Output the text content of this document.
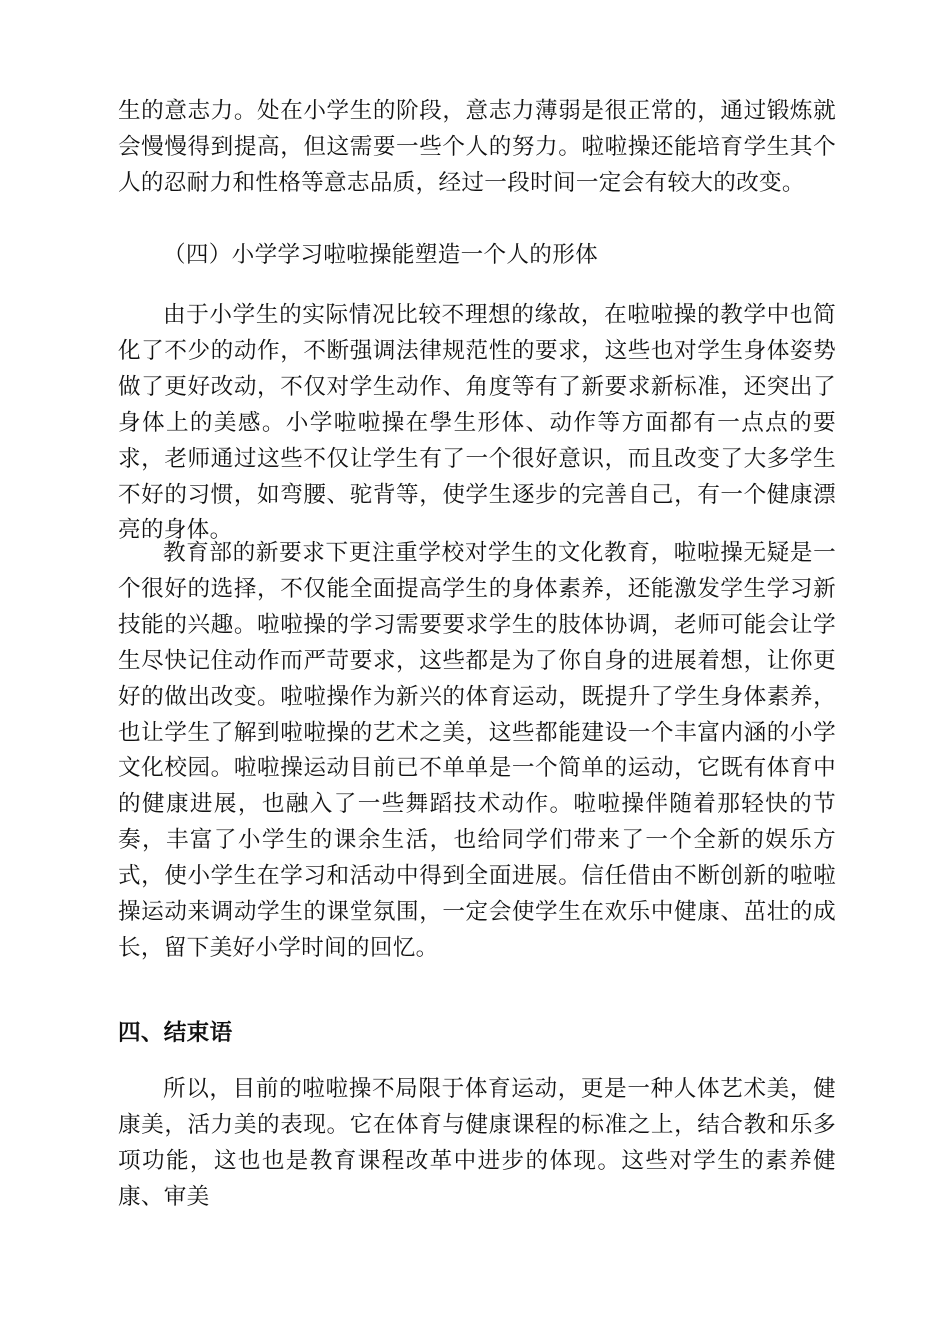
生的意志力。处在小学生的阶段，意志力薄弱是很正常的，通过锻炼就会慢慢得到提高，但这需要一些个人的努力。啦啦操还能培育学生其个人的忍耐力和性格等意志品质，经过一段时间一定会有较大的改变。

（四）小学学习啦啦操能塑造一个人的形体

由于小学生的实际情况比较不理想的缘故，在啦啦操的教学中也简化了不少的动作，不断强调法律规范性的要求，这些也对学生身体姿势做了更好改动，不仅对学生动作、角度等有了新要求新标准，还突出了身体上的美感。小学啦啦操在學生形体、动作等方面都有一点点的要求，老师通过这些不仅让学生有了一个很好意识，而且改变了大多学生不好的习惯，如弯腰、驼背等，使学生逐步的完善自己，有一个健康漂亮的身体。

教育部的新要求下更注重学校对学生的文化教育，啦啦操无疑是一个很好的选择，不仅能全面提高学生的身体素养，还能激发学生学习新技能的兴趣。啦啦操的学习需要要求学生的肢体协调，老师可能会让学生尽快记住动作而严苛要求，这些都是为了你自身的进展着想，让你更好的做出改变。啦啦操作为新兴的体育运动，既提升了学生身体素养，也让学生了解到啦啦操的艺术之美，这些都能建设一个丰富内涵的小学文化校园。啦啦操运动目前已不单单是一个简单的运动，它既有体育中的健康进展，也融入了一些舞蹈技术动作。啦啦操伴随着那轻快的节奏，丰富了小学生的课余生活，也给同学们带来了一个全新的娱乐方式，使小学生在学习和活动中得到全面进展。信任借由不断创新的啦啦操运动来调动学生的课堂氛围，一定会使学生在欢乐中健康、茁壮的成长，留下美好小学时间的回忆。

四、结束语

所以，目前的啦啦操不局限于体育运动，更是一种人体艺术美，健康美，活力美的表现。它在体育与健康课程的标准之上，结合教和乐多项功能，这也也是教育课程改革中进步的体现。这些对学生的素养健康、审美
